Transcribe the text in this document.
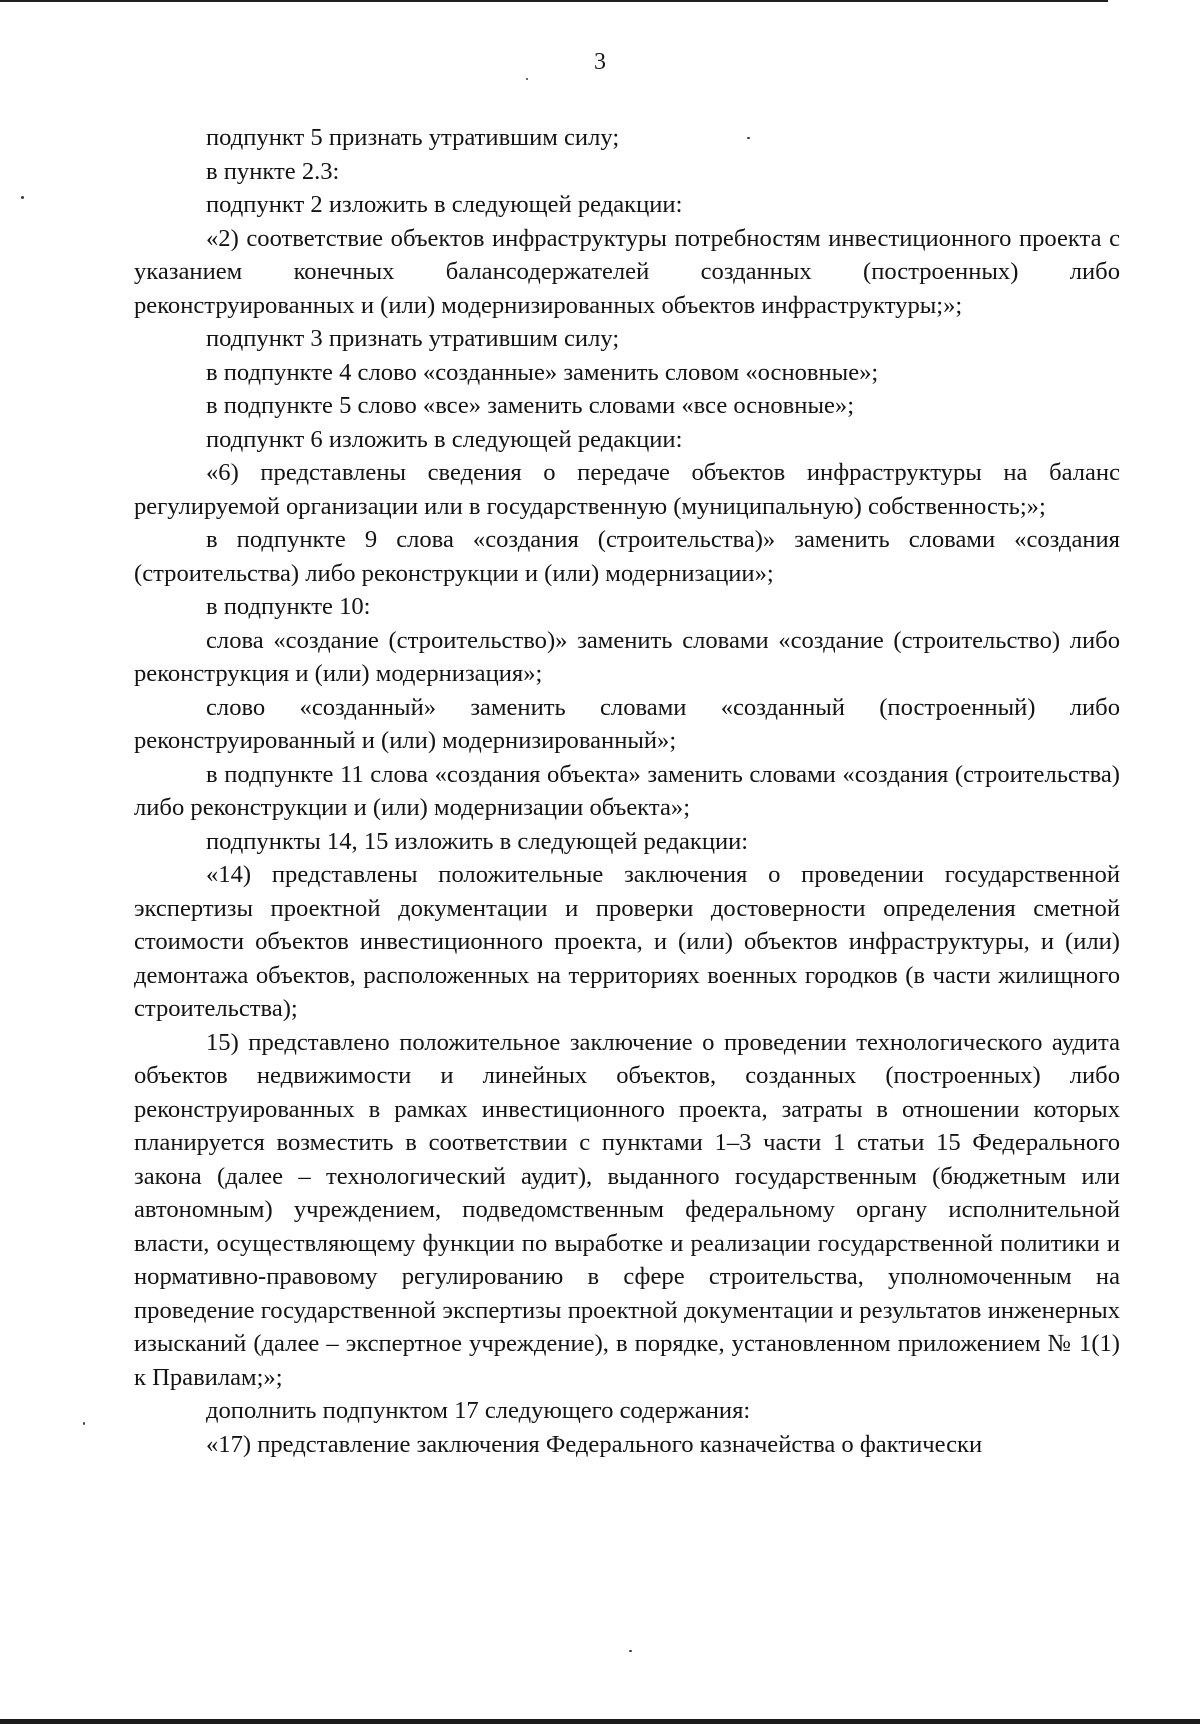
3

подпункт 5 признать утратившим силу;

в пункте 2.3:

подпункт 2 изложить в следующей редакции:

«2) соответствие объектов инфраструктуры потребностям инвестиционного проекта с указанием конечных балансодержателей созданных (построенных) либо реконструированных и (или) модернизированных объектов инфраструктуры;»;

подпункт 3 признать утратившим силу;

в подпункте 4 слово «созданные» заменить словом «основные»;

в подпункте 5 слово «все» заменить словами «все основные»;

подпункт 6 изложить в следующей редакции:

«6) представлены сведения о передаче объектов инфраструктуры на баланс регулируемой организации или в государственную (муниципальную) собственность;»;

в подпункте 9 слова «создания (строительства)» заменить словами «создания (строительства) либо реконструкции и (или) модернизации»;

в подпункте 10:

слова «создание (строительство)» заменить словами «создание (строительство) либо реконструкция и (или) модернизация»;

слово «созданный» заменить словами «созданный (построенный) либо реконструированный и (или) модернизированный»;

в подпункте 11 слова «создания объекта» заменить словами «создания (строительства) либо реконструкции и (или) модернизации объекта»;

подпункты 14, 15 изложить в следующей редакции:

«14) представлены положительные заключения о проведении государственной экспертизы проектной документации и проверки достоверности определения сметной стоимости объектов инвестиционного проекта, и (или) объектов инфраструктуры, и (или) демонтажа объектов, расположенных на территориях военных городков (в части жилищного строительства);

15) представлено положительное заключение о проведении технологического аудита объектов недвижимости и линейных объектов, созданных (построенных) либо реконструированных в рамках инвестиционного проекта, затраты в отношении которых планируется возместить в соответствии с пунктами 1–3 части 1 статьи 15 Федерального закона (далее – технологический аудит), выданного государственным (бюджетным или автономным) учреждением, подведомственным федеральному органу исполнительной власти, осуществляющему функции по выработке и реализации государственной политики и нормативно-правовому регулированию в сфере строительства, уполномоченным на проведение государственной экспертизы проектной документации и результатов инженерных изысканий (далее – экспертное учреждение), в порядке, установленном приложением № 1(1) к Правилам;»;

дополнить подпунктом 17 следующего содержания:

«17) представление заключения Федерального казначейства о фактически
